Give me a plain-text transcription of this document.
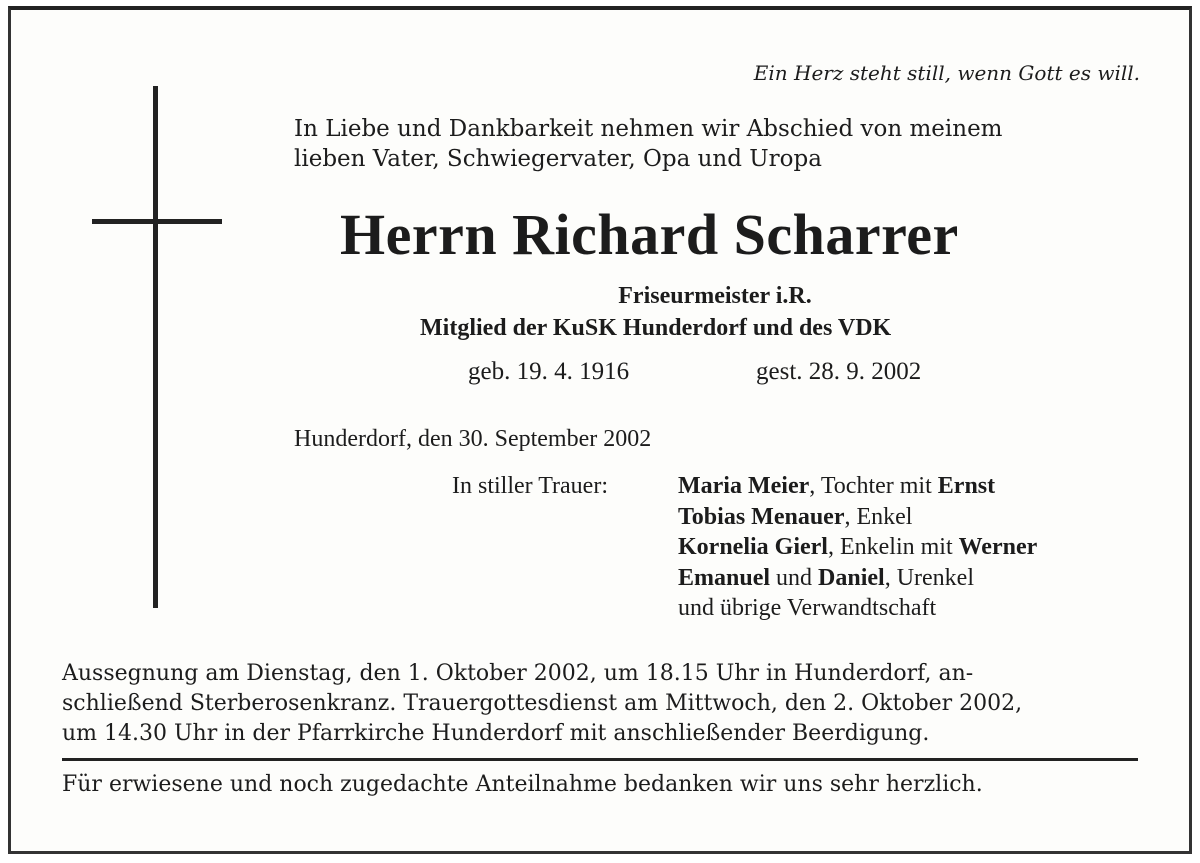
Ein Herz steht still, wenn Gott es will.

In Liebe und Dankbarkeit nehmen wir Abschied von meinem

lieben Vater, Schwiegervater, Opa und Uropa

Herrn Richard Scharrer

Friseurmeister i.R.

Mitglied der KuSK Hunderdorf und des VDK

geb. 19. 4. 1916	gest. 28. 9. 2002

Hunderdorf, den 30. September 2002

In stiller Trauer:	Maria Meier, Tochter mit Ernst
Tobias Menauer, Enkel
Kornelia Gierl, Enkelin mit Werner
Emanuel und Daniel, Urenkel
und übrige Verwandtschaft
Aussegnung am Dienstag, den 1. Oktober 2002, um 18.15 Uhr in Hunderdorf, an-
schließend Sterberosenkranz. Trauergottesdienst am Mittwoch, den 2. Oktober 2002,
um 14.30 Uhr in der Pfarrkirche Hunderdorf mit anschließender Beerdigung.

Für erwiesene und noch zugedachte Anteilnahme bedanken wir uns sehr herzlich.
